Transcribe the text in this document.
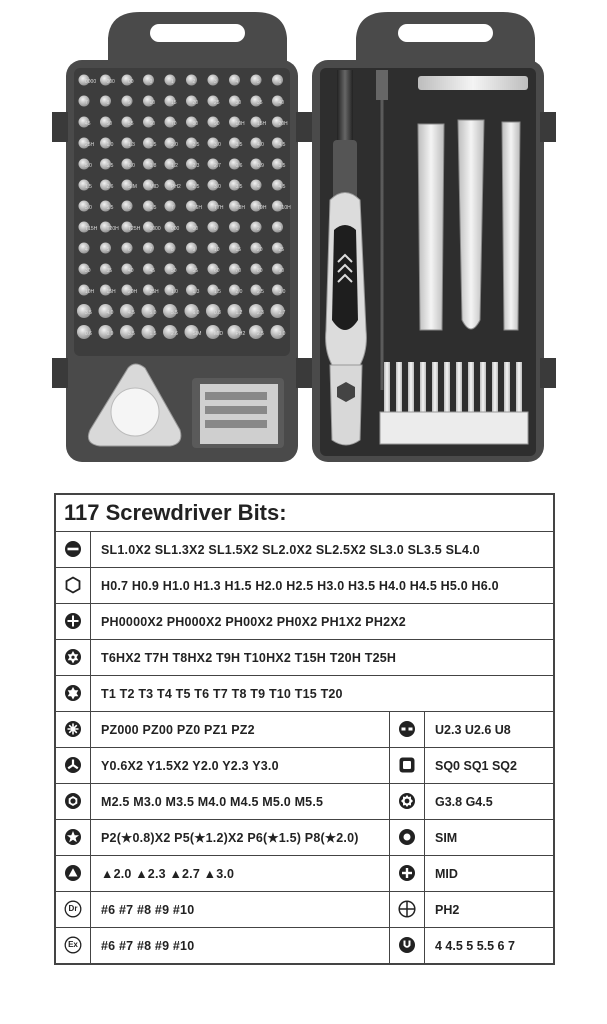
0000 000	00	0	1	2	3	4	5	6
7	8	9	10	15	20	25	30	35	40
45	50	55	60	70	80	90	10H 15H 20H
25H 1.0	1.3	1.5	2.0	2.5	3.0	3.5	4.0	4.5
5.0	5.5	6.0	0.8	1.2	2.3	2.7	0.6	0.9	3.5
1.5	2.6	SIM	MID PH2 2.5	3.0	3.5	4	4.5
5.0	5.5	6	6.5	7	T6H T7H T8H T9H T10H
T15H T20H T25H 0000 000	00	0	1	2	3
4	5	6	7	8	9	10	15	20	25
30	35	40	45	50	55	60	70	80	90
10H 15H 20H 25H 1.0	1.3	1.5	2.0	2.5	3.0
3.5	4.0	4.5	5.0	5.5	6.0	0.8	1.2	2.3	2.7
0.6	0.9	3.5	1.5	2.6	SIM	MID PH2 2.5	3.0
117 Screwdriver Bits:			
	SL1.0X2 SL1.3X2 SL1.5X2 SL2.0X2 SL2.5X2 SL3.0 SL3.5 SL4.0		
	H0.7 H0.9 H1.0 H1.3 H1.5 H2.0 H2.5 H3.0 H3.5 H4.0 H4.5 H5.0 H6.0		
	PH0000X2 PH000X2 PH00X2 PH0X2 PH1X2 PH2X2		
	T6HX2 T7H T8HX2 T9H T10HX2 T15H T20H T25H		
	T1 T2 T3 T4 T5 T6 T7 T8 T9 T10 T15 T20		
	PZ000 PZ00 PZ0 PZ1 PZ2		U2.3 U2.6 U8
	Y0.6X2 Y1.5X2 Y2.0 Y2.3 Y3.0		SQ0 SQ1 SQ2
	M2.5 M3.0 M3.5 M4.0 M4.5 M5.0 M5.5		G3.8 G4.5
	P2(★0.8)X2 P5(★1.2)X2 P6(★1.5) P8(★2.0)		SIM
	▲2.0 ▲2.3 ▲2.7 ▲3.0		MID

Dr	#6 #7 #8 #9 #10		PH2

Ex	#6 #7 #8 #9 #10		4 4.5 5 5.5 6 7
